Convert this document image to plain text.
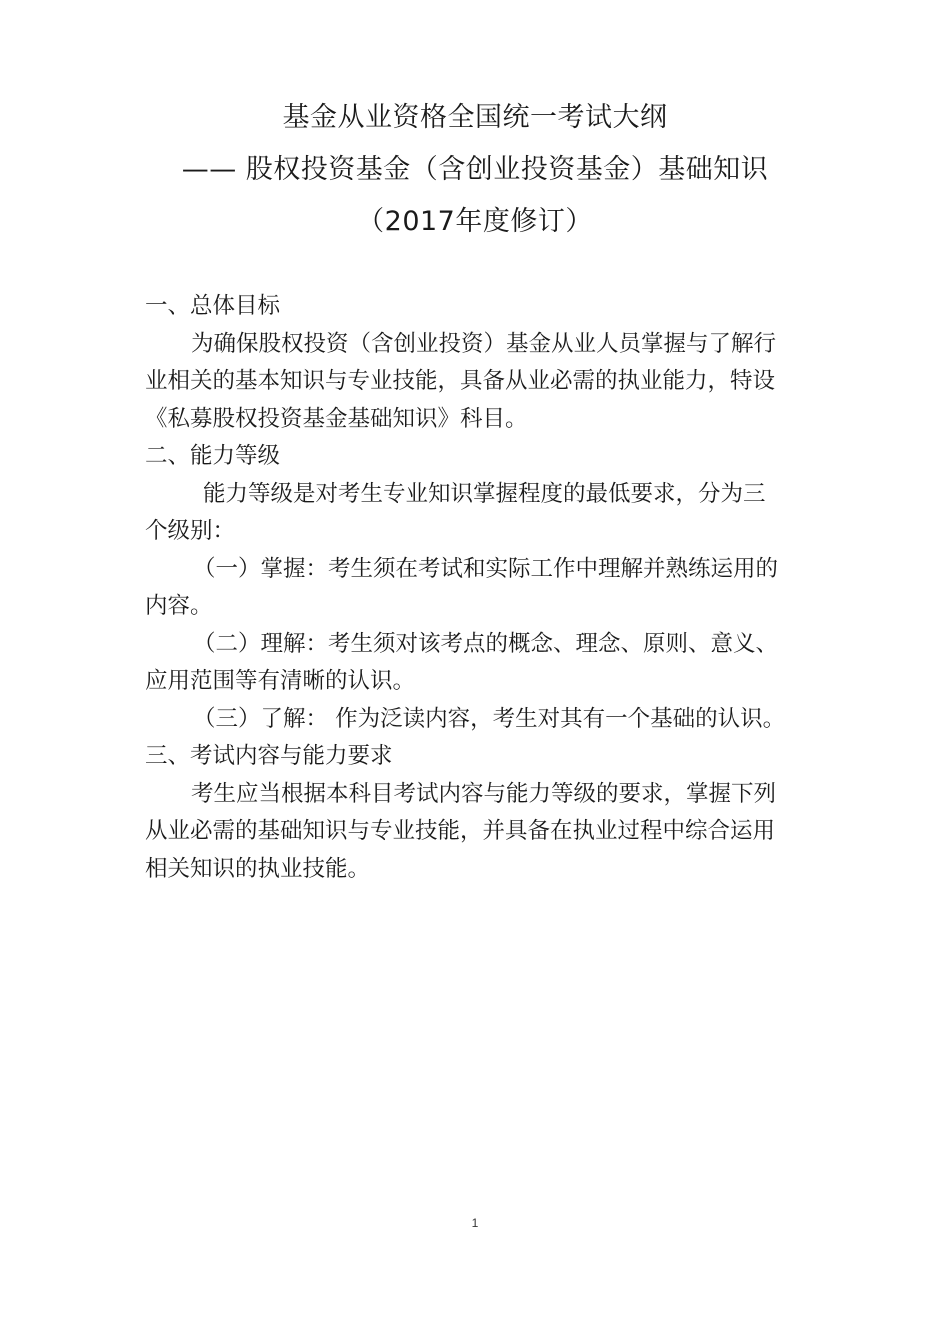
基金从业资格全国统一考试大纲
—— 股权投资基金（含创业投资基金）基础知识
（2017年度修订）
一、总体目标
为确保股权投资（含创业投资）基金从业人员掌握与了解行
业相关的基本知识与专业技能，具备从业必需的执业能力，特设
《私募股权投资基金基础知识》科目。
二、能力等级
能力等级是对考生专业知识掌握程度的最低要求，分为三
个级别：
（一）掌握：考生须在考试和实际工作中理解并熟练运用的
内容。
（二）理解：考生须对该考点的概念、理念、原则、意义、
应用范围等有清晰的认识。
（三）了解： 作为泛读内容，考生对其有一个基础的认识。
三、考试内容与能力要求
考生应当根据本科目考试内容与能力等级的要求，掌握下列
从业必需的基础知识与专业技能，并具备在执业过程中综合运用
相关知识的执业技能。
1
